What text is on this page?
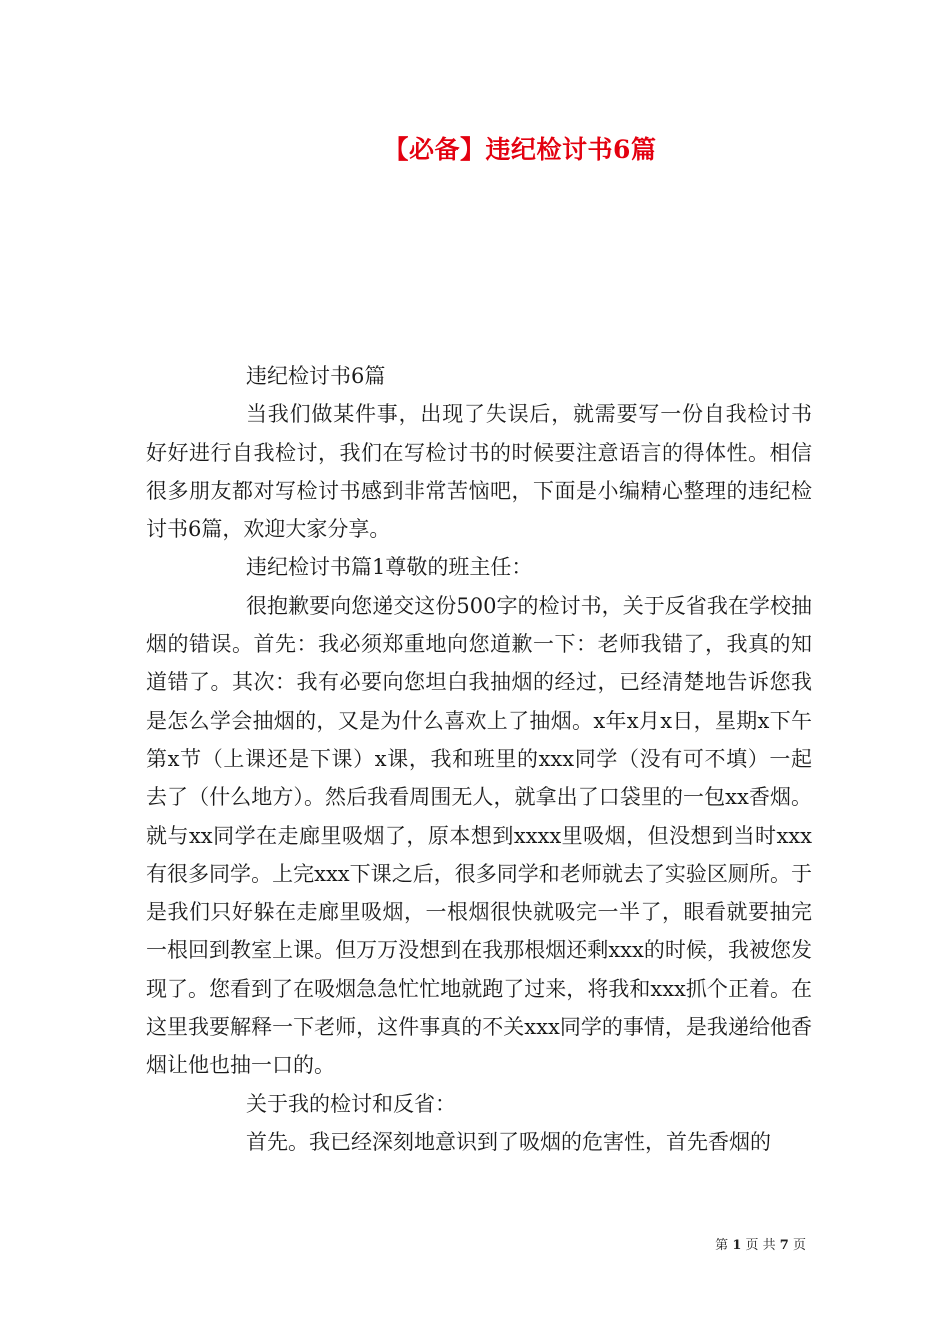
【必备】违纪检讨书6篇

违纪检讨书6篇

当我们做某件事，出现了失误后，就需要写一份自我检讨书好好进行自我检讨，我们在写检讨书的时候要注意语言的得体性。相信很多朋友都对写检讨书感到非常苦恼吧，下面是小编精心整理的违纪检讨书6篇，欢迎大家分享。

违纪检讨书篇1尊敬的班主任：

很抱歉要向您递交这份500字的检讨书，关于反省我在学校抽烟的错误。首先：我必须郑重地向您道歉一下：老师我错了，我真的知道错了。其次：我有必要向您坦白我抽烟的经过，已经清楚地告诉您我是怎么学会抽烟的，又是为什么喜欢上了抽烟。x年x月x日，星期x下午第x节（上课还是下课）x课，我和班里的xxx同学（没有可不填）一起去了（什么地方）。然后我看周围无人，就拿出了口袋里的一包xx香烟。就与xx同学在走廊里吸烟了，原本想到xxxx里吸烟，但没想到当时xxx有很多同学。上完xxx下课之后，很多同学和老师就去了实验区厕所。于是我们只好躲在走廊里吸烟，一根烟很快就吸完一半了，眼看就要抽完一根回到教室上课。但万万没想到在我那根烟还剩xxx的时候，我被您发现了。您看到了在吸烟急急忙忙地就跑了过来，将我和xxx抓个正着。在这里我要解释一下老师，这件事真的不关xxx同学的事情，是我递给他香烟让他也抽一口的。

关于我的检讨和反省：

首先。我已经深刻地意识到了吸烟的危害性，首先香烟的

第 1 页 共 7 页
